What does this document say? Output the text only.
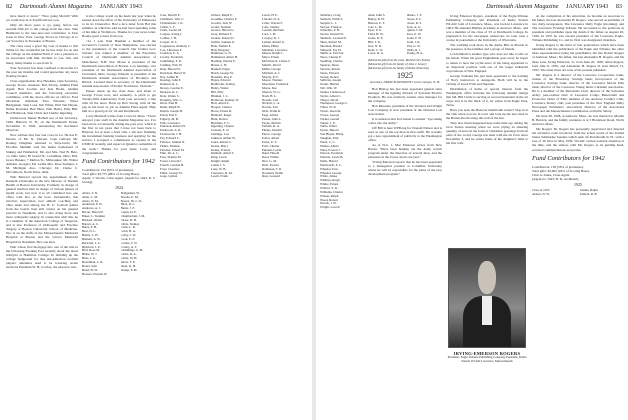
82 Dartmouth Alumni Magazine JANUARY 1943

have much to learn." "Nice going Merrill! With we could stop in at Topfill and see you.

Only six more years to go, gang, before our seventh fifth job to the college from the class. Stan Heilbronn is the new-new-rest contributor to Don Gaus in New York. George Trowe in Chicago at to our Secretary in Treasurer at Boston.

The class owes a great big vote of thanks to Jim White for the wonderful job he has done for us and the college on the Alumni Fund. It was a pleasure to be associated with him. Orchids to you, Jim, and many, many thanks to one from 'n.

Your Secretary has been confined to his home for the past ten months and would appreciate any news floating around.

Class organization: Roy Hawkins, class Secretary, George Trowe, treasurer, Bob Strong, Alumni Fund Agent; Bert Loomis and Jean Bodet, Alumni Council members, and the following executive committee, with the above officers ex officio: Fred Moorman, chairman; Fess Wheeler; Wiser Bridgeman, Stan Lons, Jim White, Phil Van Heyek, Nellie Rowland, Bob Hunt, Walt Henry, Pilly Hill, Bod Holbrook, Stan Chick and Charlie Ingerling.

Underwood Tanner Bothell son of the Secretary, 1939. Hanover N. H., on the Dartmouth Ticket, November 6, 1942, announcing the Rochester Observer.

Now advises that four last cows in Le. He has E. Deveis, of Mt. St. Vincent, Cape Gallopa; Mr. Rodney Dingman returned to Shay-farris; Mr. Doodlas Skuhnik sold the Ikaku homestead of Stiking and Emmerick; Mr. and Mrs. Ned B. Belo, c/o Ohio State; 85 Grand St., Columbus, Ohio; Mrs. Grace Bunker, 7 Mellon St., Milwaukee; Mr. Walter Atmann, Georgia; Mr. Ladlie Mrs. Rose Sumpter, J. M. Michigan Ave., Chicago; Dr. Clarke C. McClintock, North Tulsa, Okla.

Walt Barnard reports the appointment of Dr. Kenneth Christophe as the new Director of Student Health at Boston University. Formerly in charge of general medical men in charge of various phases of health work, but now it is all combined into one office with Doc as the boss. Incidentally, this involves supervision over athletic coaching and other tanks and among the B. U. football games from the bench. Ken still carries on his general practice in Needham, and is also doing more and more orthopedic surgery. In connection with this, he is a member of the American College of Surgeons, and is also Professor of Orthopedic and Fracture Surgery at Boston University School of Medicine. Doc is on the staffs of the Massachusetts Memorial Hospital at Boston and the Glover Memorial Hospital in Needham. He's one Ken.

Walt whose first mortgage into one of the title in the following Evening Post recently about the latest hobbyist at Hamilton College. In building up the college badground for this All-American football players' amenities used to be lowering recent elections President W. H. Cowley, the educator who

is the college world on his heels last year when he earned down the effort of the University of Minnesota to be its Chancellor. Had a nice letter from Hal this summer, in which he said he had been spending some of his time at Wolfeboro. Thanks for your news letter, Bonny-great to hear from you.

"At 1 p.m. Paul Bauman a member of the Governor's Council of New Hampshire, was elected to the presidency of the council. Our brother Gov. Stevens was named a member of the Executive Council of Dartmouth Alumni Association of Manchester, N.H. Doc Morse is president of the Dartmouth Association of Boston. Lou Jennings, vice president of the Dartmouth Alumni Association of Cleveland, Ohio; George Wheeler is president of the Dartmouth Alumni Association of Brooklyn and Bristol; Leonard Rust is secretary of the Dartmouth Alumni Association of Pacific Northwest, Vermont."

Please check up the class dues, and shout to George Trowe now, and earnestly. A pitch to get Twenty-fifth Anniversary from your secretary, a line with all the news. Back up Bob Strong with all the pep in his heart as job as Alumni Fund Agent. Help him do a grand job for '24 and Dartmouth.

Larry Marshall writes from Concord, Mass. "I have enjoyed your stuff in the Alumni Magazine too. I've been more occasionally during the past year, which is the first in ten years that I have not been back to Hanover for at least a brief visit. I am now finishing the investment banking business and applying for the service. I accepted a commission as captain in the USMCR recently, and expect at Quantico sometime of the week." Thanks for your letter, Larry, and congratulations.

Fund Contributors for 1942
Contributors: 162 (95% of graduates).
Total gifts: $3,775 (98% of Scoring Base).
Agent: J. Woods, Class Agent. (Agent for 1943, R. C. Strong).
1924
Abbot, S. N.
Allen, C. M.
Ames, O. M.
Anderson, P. W.
Andrews, A. J.
Bacon, Harold P.
Baker, L. Stephen
Barnard, Walter
Barrett, A. C.
Bates, F. H.
Beal, N. L.
Bemis, L. H.
Bennett, A. W.
Bertrand, L. L.
Bickford, J. E.
Bird, Ross M.
Blake, W. J.
Bliss, J. G.
Boardman, L. R.
Bodet, Jean
Bond, H. W.
Bowers, Preston W.
Bridgeman, W.
Brooks, E. M.
Brown, Dr. C. K.
Buck, R. L.
Burns, J. F.
Capen, D. E.
Chamberlain, J. M.
Chase, R. H.
Chick, Stanley
Clark, L. R.
Cobb, H. A.
Colby, J. W.
Cook, E. E.
Corliss, F. N.
Crosby, A. T.
Cummings, G. B.
Curtis, R. A.
Cutler, W. H.
Davis, T. E.
Dean, K. H.
Dodge, P. M.
Case, Morrill E.
Chambers, Wm. C.
Christiansen, J. K.
Clafin, L. F.
Clark, Lucius M.
Colgate, Irving J.
Collins, J. H.
Cooper, W. L.
Coppleston, Anthony C.
Cox, Theodore F.
Cranston, E. S.
Crosby, Frederick
Cummings, F. R.
Cushing, Wm. H.
Dale, Harold W.
Davidson, Hertel W.
Day, Arthur B.
Deering, John E.
Denison, R. L.
Dewey, Gordon E.
Dickson, R. C.
Dole, Walter C.
Doughty, Wm. C.
Drew, Paul H.
Dunn, Ralph W.
Dustin, Joseph H.
Eaton, Earl F.
Edgerly, M. B.
Ellis, Lawrence
Emerson, Robert H.
Estabrook, A. R.
Farnsworth, J. H.
Fay, Edward L.
Fellows, Samuel N.
Fisher, Thomas
Fletcher, Ernest M.
Flint, Dr. A. C.
Foss, Stanley M.
Foster, Lincoln J.
French, Gordon B.
Frost, Clarence
Fuller, George W.
Gage, Lyman
Gilbert, Ralph E.
Goodhue, Charles E.
Gordon, Jack W.
Gould, Stephen
Graves, Harold G.
Gray, Richard F.
Greene, Robert D.
Griffin, Samuel O.
Hale, Nathan E.
Hall, Kingsley
Hamilton, G. N.
Hammond, Albert H.
Harding, Warren E.
Harris, L. H.
Haskell, Edgar
Hatch, George W.
Hawkins, Roy P.
Hayes, Edward
Heilbronn, Stanley
Henry, Walter
Hill, Pilly
Hinman, J. L.
Holbrook, Rodney W.
Holt, Alfred L.
Hooper, Chester
Howe, Ernest R.
Hubbard, Roger
Hunt, Robert
Hutchins, F. C.
Ingerling, Charles
Jackson, E. O.
Jennings, Lou
Johnson, Arthur W.
Jones, Robert C.
Keene, Harry
Kelley, Francis
Kimball, Albert T.
King, Lewis
Knight, Ralph
Lamb, J. S.
Lane, W. B.
Lawrence, R. M.
Leach, Frank
Lewis, H. E.
Lincoln, D. A.
Little, Warren F.
Lons, Stanley
Loomis, Bertram
Lord, J. M.
Lovejoy, R. J.
Lyman, Robert G.
Mann, Philip
Marshall, Lawrence
Mason, Ralph C.
Mayo, Ernest
McClintock, Clarke C.
Merrill, David
Miller, George
Mitchell, A. J.
Moody, R. F.
Moore, Thomas
Moorman, Frederick
Morse, Doc
Morton, W. G.
Nash, H. L.
Newell, Carl
Nichols, C. A.
Norton, Earl
Olds, Frank R.
Page, Alfred
Parker, John L.
Payne, Melvin
Perkins, R. A.
Phelps, Donald
Pierce, George
Porter, Albert
Potter, E. T.
Pratt, Chester
Putnam, Leslie
Rand, Harold
Reed, Wilbur
Rice, G. M.
Rich, Everett
Robinson, T. R.
Rowland, Nellie
Rust, Leonard
Dartmouth Alumni Magazine JANUARY 1943 83
Salisbury, Craig
Sanborn, Willis S.
Sargent, L. J.
Sawyer, Frank A.
Schaeffer, P. H.
Seaver, Donald W.
Shattuck, Leonard E.
Shaw, Robert M.
Sherman, Harold
Simpson, Fay H.
Smith, A. Percival
Snow, Chester P.
Spalding, Charles
Spencer, Dean
Stevens, Robert
Stone, Edward
Strong, Robert
Sullivan, Joseph
Swain, Herbert
Taft, Wm. W.
Tanner, Underwood
Taylor, Albert C.
Thayer, David
Thompson, George L.
Tilton, W. R.
Towle, Jason M.
Trowe, George
Tucker, Gerald
Turner, J. E.
Tuttle, Elmer
Upton, Harold
Van Heyek, Philip
Vaughan, Paul
Wade, C. C.
Walker, Albert
Ward, Everett J.
Warren, Frederick
Webster, Lewis B.
Wells, Harold
Wentworth, E. L.
Wheeler, Fess
Wheeler, George
White, James
Whitney, Roger
Wilder, Ernest
Willard, S. D.
Williams, Charles
Wilson, Ralph
Wood, Robert
Woods, J. W.
Wright, Lowell
Akin, John S.
Bailey, R. H.
Benson, E. T.
Carr, L. M.
Dyer, P. G.
Field, H. W.
Gates, R. E.
Hill, T. R.
Ives, N. D.
Kent, C. W.
Lowe, D. A.
Munro, J. F.
Noyes, P. L.
Owen, R. S.
Peck, A. G.
Quinn, T. M.
Ross, E. W.
Soule, F. H.
Todd, J. R.
Vail, G. W.
Wells, R. J.
Young, H. A.
(Memorial gifts from the class, Mal Perrot's Estate)
(Memorial gift from the family of John J. Lesser)
(Memorial gift from the family of Robert Emerson)
1925
Secretary, FRANCIS KENNEDY Corner Gorges, N. H.

Bob Bishop has just been appointed general sales manager of the lighting division of Sylvania Electric Products. He was formerly eastern sales manager for the company.

Bob Rhoades, president of the Worsted and Wright Lost Company is now president of the National Lost Association.

It is rumored that Ted Geisel is another "aye taking a dive into the Army."

Off Bill is here WPB-ing for Donald Nelson and is read as one of the top men in that outfit. He recently got a new appointment of publicity to the Washington office.

As of Nov. 1, Mac Emerson writes from New Haven. "Have been helping out the Army recruit program under the direction of several men, and the pleasures in the forces about one year."

"Irving Emerson reports that he has been appointed to a managerial position at Columbia University where he will be responsible for the plans of the new development program."

Irving Emerson Rogers, president of the Eagle-Tribune Publishing Company and President of Radio Station WLAW, both of Lawrence, Mass., was born in Lawrence in 1904. He attended Phillips Academy at Andover, Mass., and was a member of the class of '25 at Dartmouth College. In preparation for his newspaper endeavour, he later took a course in journalism at the University of Wisconsin.

The wedding took place in the Alpha Phis in Boston in the presence of the families and a group of friends.

Lou Kimball is another type who does not like to idle on his hands. When his good Englishman goes away he hopes to return to hear the joyful news of his being appointed to an important position with one of the larger industrial corporations of New England.

George Sobieski has just been appointed to the training of Navy instructors at Annapolis. Both will be in the vicinity of Great Falls and Neptune.

Distribution of items of special interest from the Washington office includes the following Alumni ratings this fall. Bill Cuttle is serving as second lieutenant in the air corps and is in the thick of it, he writes from Eagle Pass, Texas.

Have you seen the Hanover Dartmouth events? Stop in at the club when you are in town and look up the new men in the Barnes Room along the wall of the Inn.

They also much happened here some time ago during the local Tucker meeting when we were plying an amazing quantity of news in the form of Christmas greetings from all parts of the world. George has been with the air force since November 3, and he writes home of his daughter's birth to his first wife.

IRVING-EMERSON ROGERS
President, Eagle-Tribune Publishing Company President, Radio Station WLAW Lawrence, Massachusetts

At the completion of his education, he became an associate to his father, the late Alexander H. Rogers, who served as publisher of two daily newspapers, The Lawrence Daily Eagle (morning), and The Lawrence Evening Tribune. He succeeded to the positions as president and publisher upon the death of his father on August 20, 1936. In 1937 he was elected president of the Lawrence Eagle-Tribune Publishing Co. and in 1941 was designated chairman.

Irving Rogers is the third of four generations which have been identified with the publication of the Eagle and Tribune; the other three representatives being his grandfather, the late Robert Rogers of Andover, Mass.; his father, the late Alexander H. Rogers, and his three sons, Irving Emerson, Jr., born June 20, 1930; Allen Rogers, born June 8, 1930; and Alexander H. Rogers II, born March 15, 1932. The latter three are sons of the present publisher.

Mr. Rogers is a director of the Lawrence Cooperative bank; trustee of the Broadway Savings bank; incorporator of the Lawrence Savings bank; director of the Lawrence Morris Plan bank; director of the Lawrence Young men's Christian association. He is a member of the Merchants Club; director of the Salvation Army; past-exalted ruler of Lawrence Lodge, Benevolent and Protective Order of Elks; member of the Andover Country Club, Lawrence Rotary club; past president of the New England Daily Newspaper Publishers' association; Director of the Associated Press and the Massachusetts Commission on Public Safety.

On June 28, 1928, at Andover, Mass., he was married to Martha B. Berrick, and the family residence is at 5 Bradstreet Road, North Andover, Mass.

Mr. Rogers' Dr. Rogers has personally supervised and directed the exclusive radio broadcast from the actual courts of the United States Submarine Squalus which sank off Portsmouth N. H., with a loss of 26 lives in May 1939. WLAW carried national attention at the time, and the station, with Mr. Rogers as its guiding head, received commendations and praise.

Fund Contributors for 1942
Contributors: 138 (56% of graduates).
Total gifts: $3,602 (94% of Scoring Base).
Clint A. Ames, Class Agent.
(Agent for 1943, H. D. Archibald)
1925
Class of 1925
Abbott, N. W.
Adams, Ralph
Aldrich, R. B.
